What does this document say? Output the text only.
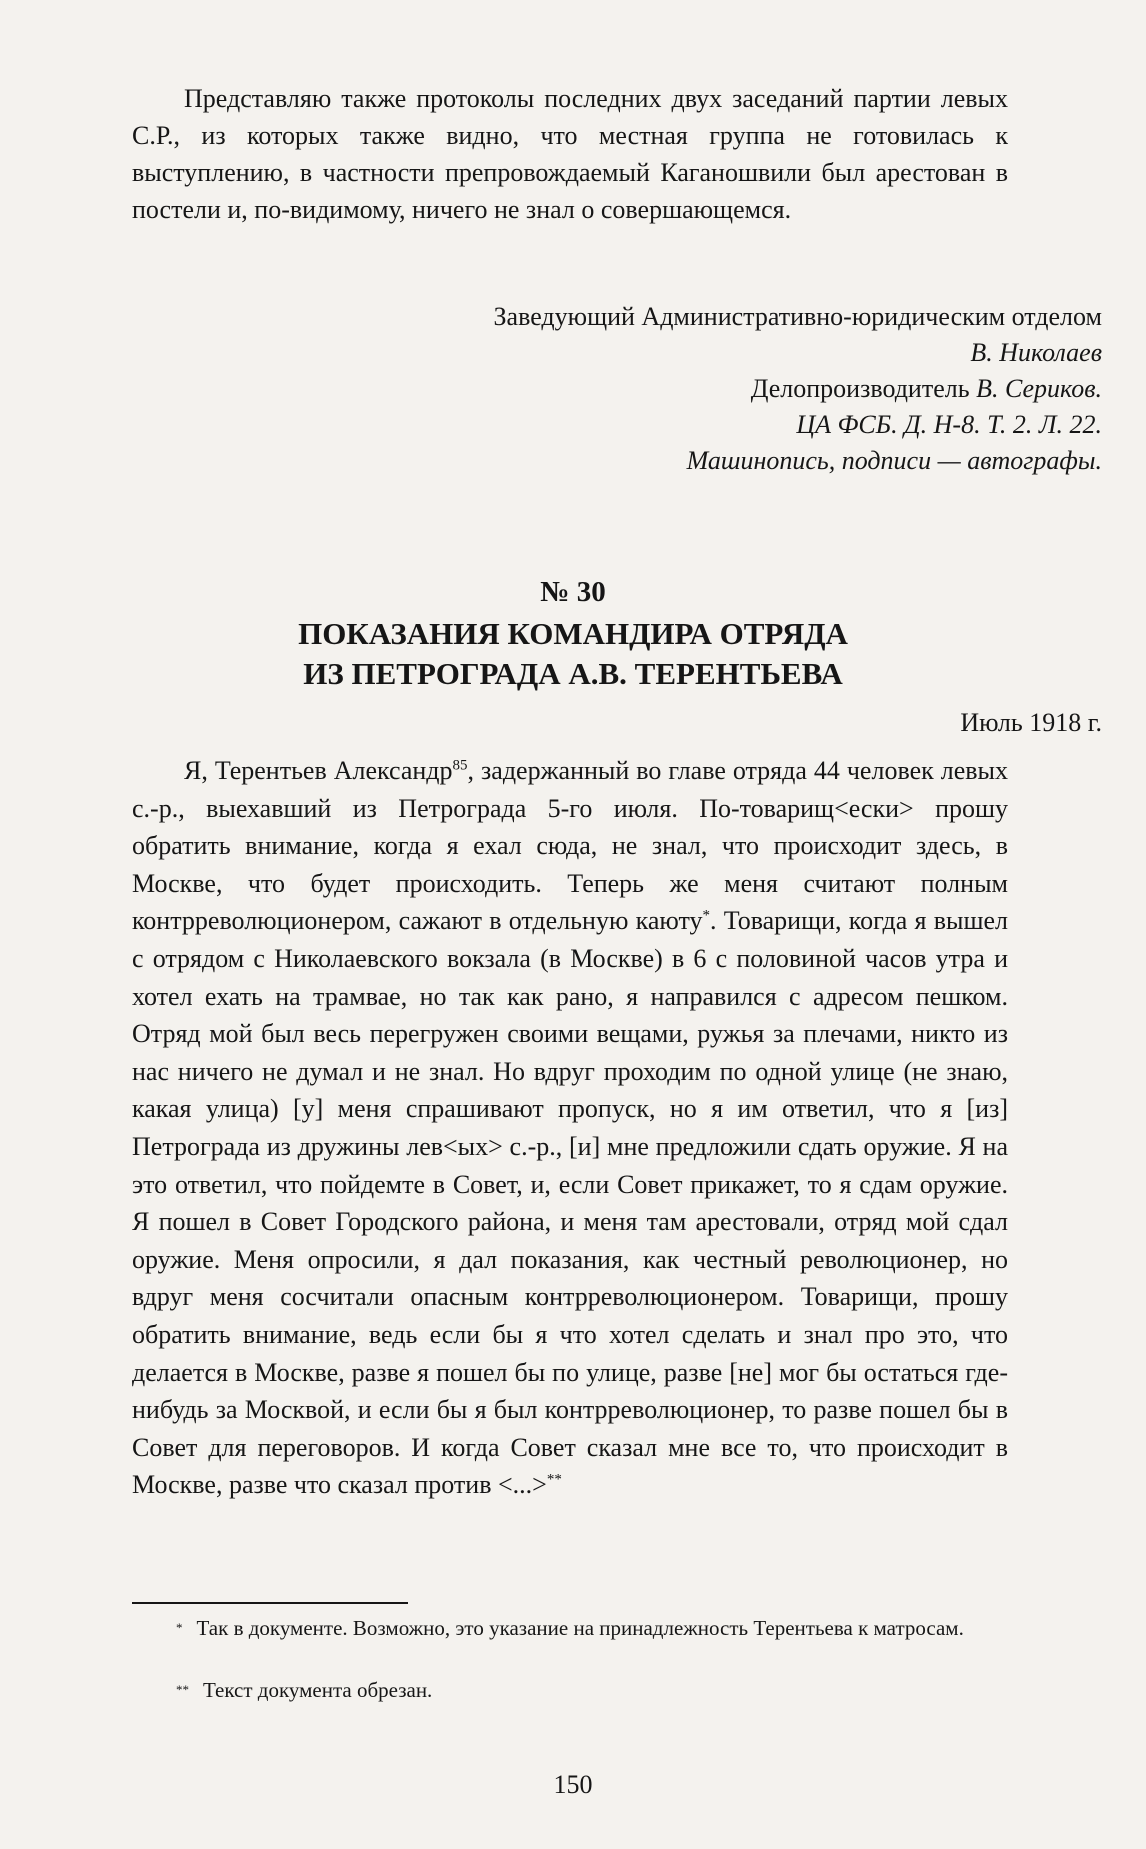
Представляю также протоколы последних двух заседаний партии левых С.Р., из которых также видно, что местная группа не готовилась к выступлению, в частности препровождаемый Каганошвили был арестован в постели и, по-видимому, ничего не знал о совершающемся.

Заведующий Административно-юридическим отделом

В. Николаев

Делопроизводитель В. Сериков.

ЦА ФСБ. Д. Н-8. Т. 2. Л. 22.

Машинопись, подписи — автографы.

№ 30

ПОКАЗАНИЯ КОМАНДИРА ОТРЯДА
ИЗ ПЕТРОГРАДА А.В. ТЕРЕНТЬЕВА

Июль 1918 г.

Я, Терентьев Александр$^{85}$, задержанный во главе отряда 44 человек левых с.-р., выехавший из Петрограда 5-го июля. По-товарищ<ески> прошу обратить внимание, когда я ехал сюда, не знал, что происходит здесь, в Москве, что будет происходить. Теперь же меня считают полным контрреволюционером, сажают в отдельную каюту*. Товарищи, когда я вышел с отрядом с Николаевского вокзала (в Москве) в 6 с половиной часов утра и хотел ехать на трамвае, но так как рано, я направился с адресом пешком. Отряд мой был весь перегружен своими вещами, ружья за плечами, никто из нас ничего не думал и не знал. Но вдруг проходим по одной улице (не знаю, какая улица) [у] меня спрашивают пропуск, но я им ответил, что я [из] Петрограда из дружины лев<ых> с.-р., [и] мне предложили сдать оружие. Я на это ответил, что пойдемте в Совет, и, если Совет прикажет, то я сдам оружие. Я пошел в Совет Городского района, и меня там арестовали, отряд мой сдал оружие. Меня опросили, я дал показания, как честный революционер, но вдруг меня сосчитали опасным контрреволюционером. Товарищи, прошу обратить внимание, ведь если бы я что хотел сделать и знал про это, что делается в Москве, разве я пошел бы по улице, разве [не] мог бы остаться где-нибудь за Москвой, и если бы я был контрреволюционер, то разве пошел бы в Совет для переговоров. И когда Совет сказал мне все то, что происходит в Москве, разве что сказал против <...>**

* Так в документе. Возможно, это указание на принадлежность Терентьева к матросам.

** Текст документа обрезан.

150
